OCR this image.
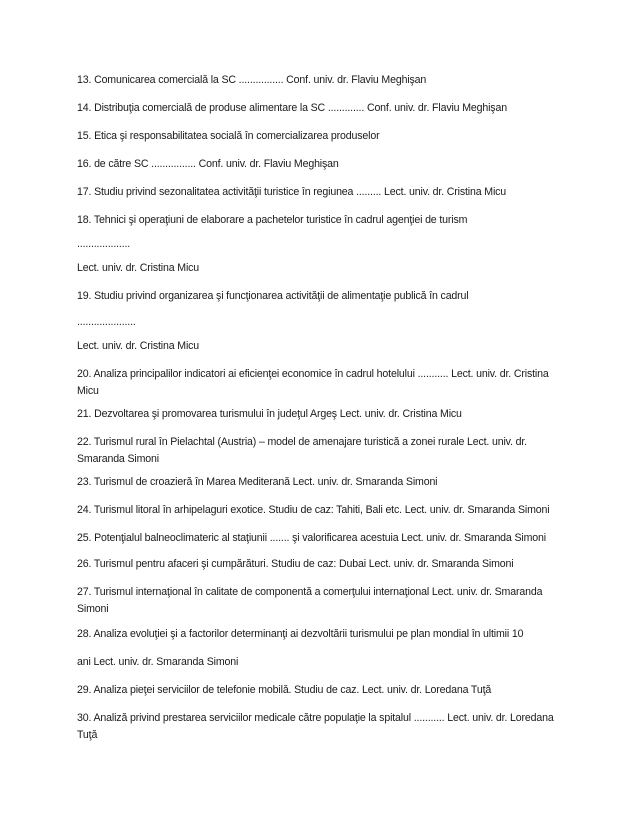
13. Comunicarea comercială la SC ................ Conf. univ. dr. Flaviu Meghişan
14. Distribuţia comercială de produse alimentare la SC ............. Conf. univ. dr. Flaviu Meghişan
15. Etica şi responsabilitatea socială în comercializarea produselor
16. de către SC ................ Conf. univ. dr. Flaviu Meghişan
17. Studiu privind sezonalitatea activităţii turistice în regiunea ......... Lect. univ. dr. Cristina Micu
18. Tehnici şi operaţiuni de elaborare a pachetelor turistice în cadrul agenţiei de turism
...................
Lect. univ. dr. Cristina Micu
19. Studiu privind organizarea şi funcţionarea activităţii de alimentaţie publică în cadrul
.....................
Lect. univ. dr. Cristina Micu
20. Analiza principalilor indicatori ai eficienţei economice în cadrul hotelului ........... Lect. univ. dr. Cristina Micu
21. Dezvoltarea şi promovarea turismului în judeţul Argeş Lect. univ. dr. Cristina Micu
22. Turismul rural în Pielachtal (Austria) – model de amenajare turistică a zonei rurale Lect. univ. dr. Smaranda Simoni
23. Turismul de croazieră în Marea Mediterană Lect. univ. dr. Smaranda Simoni
24. Turismul litoral în arhipelaguri exotice. Studiu de caz: Tahiti, Bali etc. Lect. univ. dr. Smaranda Simoni
25. Potenţialul balneoclimateric al staţiunii ....... şi valorificarea acestuia Lect. univ. dr. Smaranda Simoni
26. Turismul pentru afaceri şi cumpărături. Studiu de caz: Dubai Lect. univ. dr. Smaranda Simoni
27. Turismul internaţional în calitate de componentă a comerţului internaţional Lect. univ. dr. Smaranda Simoni
28. Analiza evoluţiei şi a factorilor determinanţi ai dezvoltării turismului pe plan mondial în ultimii 10
ani Lect. univ. dr. Smaranda Simoni
29. Analiza pieţei serviciilor de telefonie mobilă. Studiu de caz. Lect. univ. dr. Loredana Tuţă
30. Analiză privind prestarea serviciilor medicale către populaţie la spitalul ........... Lect. univ. dr. Loredana Tuţă
